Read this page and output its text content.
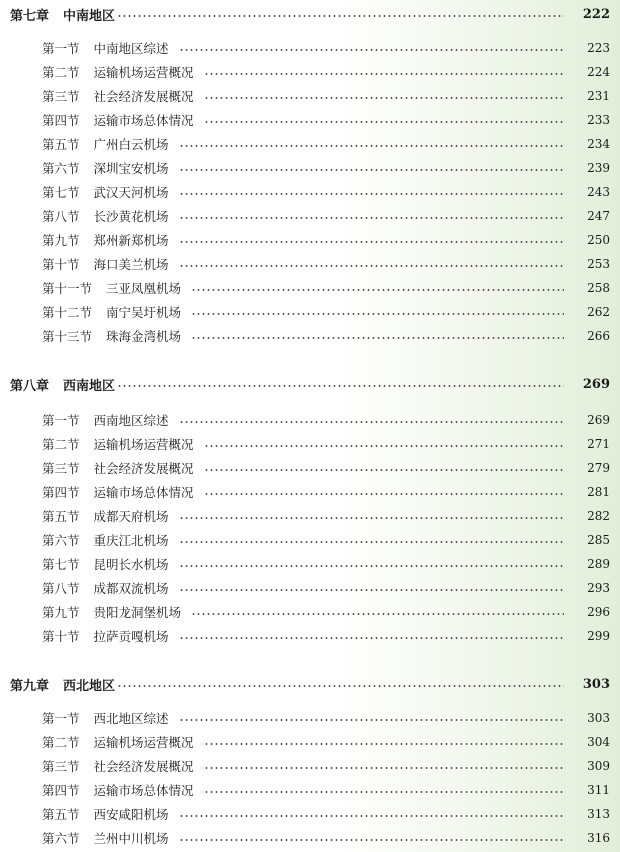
第七章 中南地区	222
第一节 中南地区综述	223
第二节 运输机场运营概况	224
第三节 社会经济发展概况	231
第四节 运输市场总体情况	233
第五节 广州白云机场	234
第六节 深圳宝安机场	239
第七节 武汉天河机场	243
第八节 长沙黄花机场	247
第九节 郑州新郑机场	250
第十节 海口美兰机场	253
第十一节 三亚凤凰机场	258
第十二节 南宁吴圩机场	262
第十三节 珠海金湾机场	266
第八章 西南地区	269
第一节 西南地区综述	269
第二节 运输机场运营概况	271
第三节 社会经济发展概况	279
第四节 运输市场总体情况	281
第五节 成都天府机场	282
第六节 重庆江北机场	285
第七节 昆明长水机场	289
第八节 成都双流机场	293
第九节 贵阳龙洞堡机场	296
第十节 拉萨贡嘎机场	299
第九章 西北地区	303
第一节 西北地区综述	303
第二节 运输机场运营概况	304
第三节 社会经济发展概况	309
第四节 运输市场总体情况	311
第五节 西安咸阳机场	313
第六节 兰州中川机场	316
